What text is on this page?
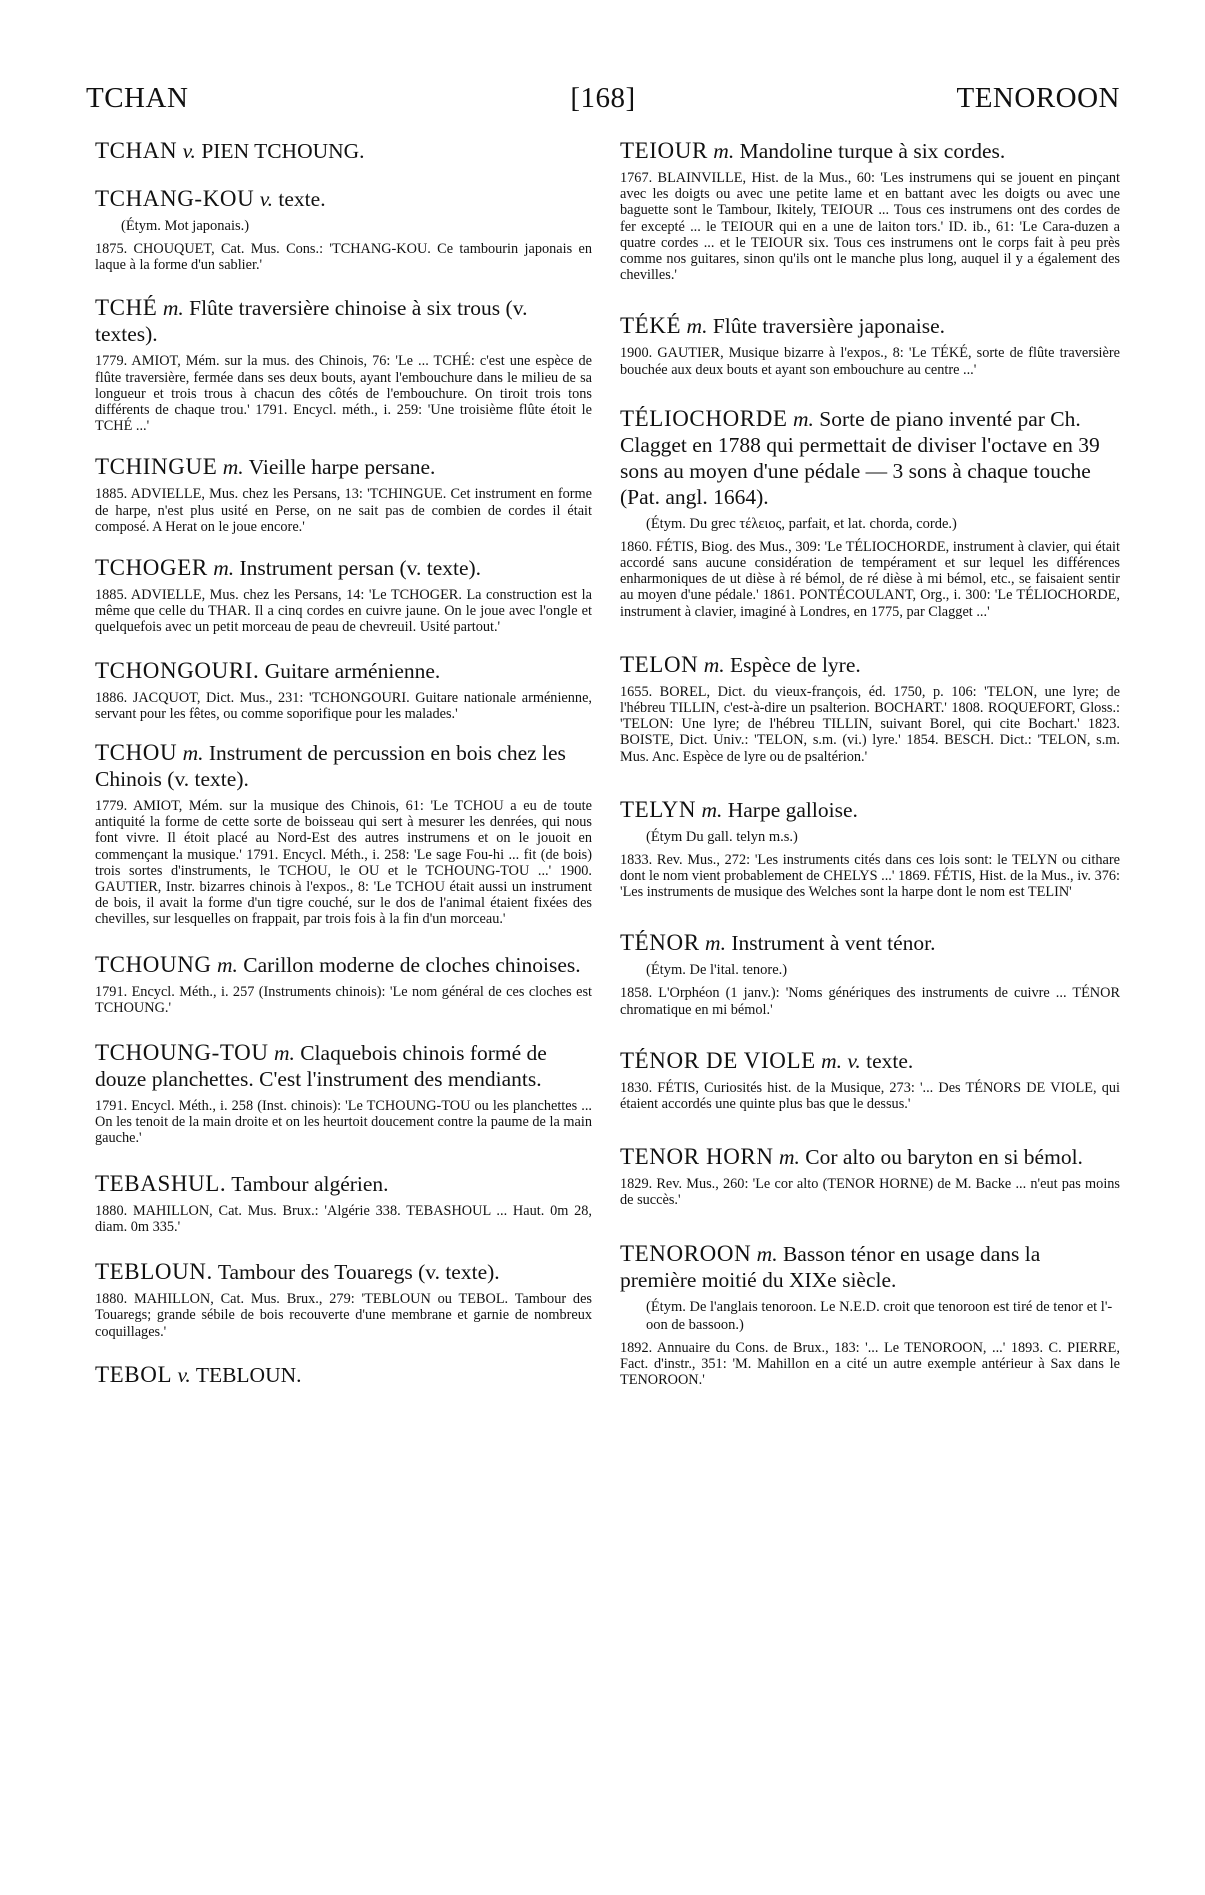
TCHAN	[168]	TENOROON

TCHAN v. PIEN TCHOUNG.

TCHANG-KOU v. texte.

(Étym. Mot japonais.)

1875. CHOUQUET, Cat. Mus. Cons.: 'TCHANG-KOU. Ce tambourin japonais en laque à la forme d'un sablier.'

TCHÉ m. Flûte traversière chinoise à six trous (v. textes).

1779. AMIOT, Mém. sur la mus. des Chinois, 76: 'Le ... TCHÉ: c'est une espèce de flûte traversière, fermée dans ses deux bouts, ayant l'embouchure dans le milieu de sa longueur et trois trous à chacun des côtés de l'embouchure. On tiroit trois tons différents de chaque trou.' 1791. Encycl. méth., i. 259: 'Une troisième flûte étoit le TCHÉ ...'

TCHINGUE m. Vieille harpe persane.

1885. ADVIELLE, Mus. chez les Persans, 13: 'TCHINGUE. Cet instrument en forme de harpe, n'est plus usité en Perse, on ne sait pas de combien de cordes il était composé. A Herat on le joue encore.'

TCHOGER m. Instrument persan (v. texte).

1885. ADVIELLE, Mus. chez les Persans, 14: 'Le TCHOGER. La construction est la même que celle du THAR. Il a cinq cordes en cuivre jaune. On le joue avec l'ongle et quelquefois avec un petit morceau de peau de chevreuil. Usité partout.'

TCHONGOURI. Guitare arménienne.

1886. JACQUOT, Dict. Mus., 231: 'TCHONGOURI. Guitare nationale arménienne, servant pour les fêtes, ou comme soporifique pour les malades.'

TCHOU m. Instrument de percussion en bois chez les Chinois (v. texte).

1779. AMIOT, Mém. sur la musique des Chinois, 61: 'Le TCHOU a eu de toute antiquité la forme de cette sorte de boisseau qui sert à mesurer les denrées, qui nous font vivre. Il étoit placé au Nord-Est des autres instrumens et on le jouoit en commençant la musique.' 1791. Encycl. Méth., i. 258: 'Le sage Fou-hi ... fit (de bois) trois sortes d'instruments, le TCHOU, le OU et le TCHOUNG-TOU ...' 1900. GAUTIER, Instr. bizarres chinois à l'expos., 8: 'Le TCHOU était aussi un instrument de bois, il avait la forme d'un tigre couché, sur le dos de l'animal étaient fixées des chevilles, sur lesquelles on frappait, par trois fois à la fin d'un morceau.'

TCHOUNG m. Carillon moderne de cloches chinoises.

1791. Encycl. Méth., i. 257 (Instruments chinois): 'Le nom général de ces cloches est TCHOUNG.'

TCHOUNG-TOU m. Claquebois chinois formé de douze planchettes. C'est l'instrument des mendiants.

1791. Encycl. Méth., i. 258 (Inst. chinois): 'Le TCHOUNG-TOU ou les planchettes ... On les tenoit de la main droite et on les heurtoit doucement contre la paume de la main gauche.'

TEBASHUL. Tambour algérien.

1880. MAHILLON, Cat. Mus. Brux.: 'Algérie 338. TEBASHOUL ... Haut. 0m 28, diam. 0m 335.'

TEBLOUN. Tambour des Touaregs (v. texte).

1880. MAHILLON, Cat. Mus. Brux., 279: 'TEBLOUN ou TEBOL. Tambour des Touaregs; grande sébile de bois recouverte d'une membrane et garnie de nombreux coquillages.'

TEBOL v. TEBLOUN.

TEIOUR m. Mandoline turque à six cordes.

1767. BLAINVILLE, Hist. de la Mus., 60: 'Les instrumens qui se jouent en pinçant avec les doigts ou avec une petite lame et en battant avec les doigts ou avec une baguette sont le Tambour, Ikitely, TEIOUR ... Tous ces instrumens ont des cordes de fer excepté ... le TEIOUR qui en a une de laiton tors.' ID. ib., 61: 'Le Cara-duzen a quatre cordes ... et le TEIOUR six. Tous ces instrumens ont le corps fait à peu près comme nos guitares, sinon qu'ils ont le manche plus long, auquel il y a également des chevilles.'

TÉKÉ m. Flûte traversière japonaise.

1900. GAUTIER, Musique bizarre à l'expos., 8: 'Le TÉKÉ, sorte de flûte traversière bouchée aux deux bouts et ayant son embouchure au centre ...'

TÉLIOCHORDE m. Sorte de piano inventé par Ch. Clagget en 1788 qui permettait de diviser l'octave en 39 sons au moyen d'une pédale — 3 sons à chaque touche (Pat. angl. 1664).

(Étym. Du grec τέλειος, parfait, et lat. chorda, corde.)

1860. FÉTIS, Biog. des Mus., 309: 'Le TÉLIOCHORDE, instrument à clavier, qui était accordé sans aucune considération de tempérament et sur lequel les différences enharmoniques de ut dièse à ré bémol, de ré dièse à mi bémol, etc., se faisaient sentir au moyen d'une pédale.' 1861. PONTÉCOULANT, Org., i. 300: 'Le TÉLIOCHORDE, instrument à clavier, imaginé à Londres, en 1775, par Clagget ...'

TELON m. Espèce de lyre.

1655. BOREL, Dict. du vieux-françois, éd. 1750, p. 106: 'TELON, une lyre; de l'hébreu TILLIN, c'est-à-dire un psalterion. BOCHART.' 1808. ROQUEFORT, Gloss.: 'TELON: Une lyre; de l'hébreu TILLIN, suivant Borel, qui cite Bochart.' 1823. BOISTE, Dict. Univ.: 'TELON, s.m. (vi.) lyre.' 1854. BESCH. Dict.: 'TELON, s.m. Mus. Anc. Espèce de lyre ou de psaltérion.'

TELYN m. Harpe galloise.

(Étym Du gall. telyn m.s.)

1833. Rev. Mus., 272: 'Les instruments cités dans ces lois sont: le TELYN ou cithare dont le nom vient probablement de CHELYS ...' 1869. FÉTIS, Hist. de la Mus., iv. 376: 'Les instruments de musique des Welches sont la harpe dont le nom est TELIN'

TÉNOR m. Instrument à vent ténor.

(Étym. De l'ital. tenore.)

1858. L'Orphéon (1 janv.): 'Noms génériques des instruments de cuivre ... TÉNOR chromatique en mi bémol.'

TÉNOR DE VIOLE m. v. texte.

1830. FÉTIS, Curiosités hist. de la Musique, 273: '... Des TÉNORS DE VIOLE, qui étaient accordés une quinte plus bas que le dessus.'

TENOR HORN m. Cor alto ou baryton en si bémol.

1829. Rev. Mus., 260: 'Le cor alto (TENOR HORNE) de M. Backe ... n'eut pas moins de succès.'

TENOROON m. Basson ténor en usage dans la première moitié du XIXe siècle.

(Étym. De l'anglais tenoroon. Le N.E.D. croit que tenoroon est tiré de tenor et l'-oon de bassoon.)

1892. Annuaire du Cons. de Brux., 183: '... Le TENOROON, ...' 1893. C. PIERRE, Fact. d'instr., 351: 'M. Mahillon en a cité un autre exemple antérieur à Sax dans le TENOROON.'
